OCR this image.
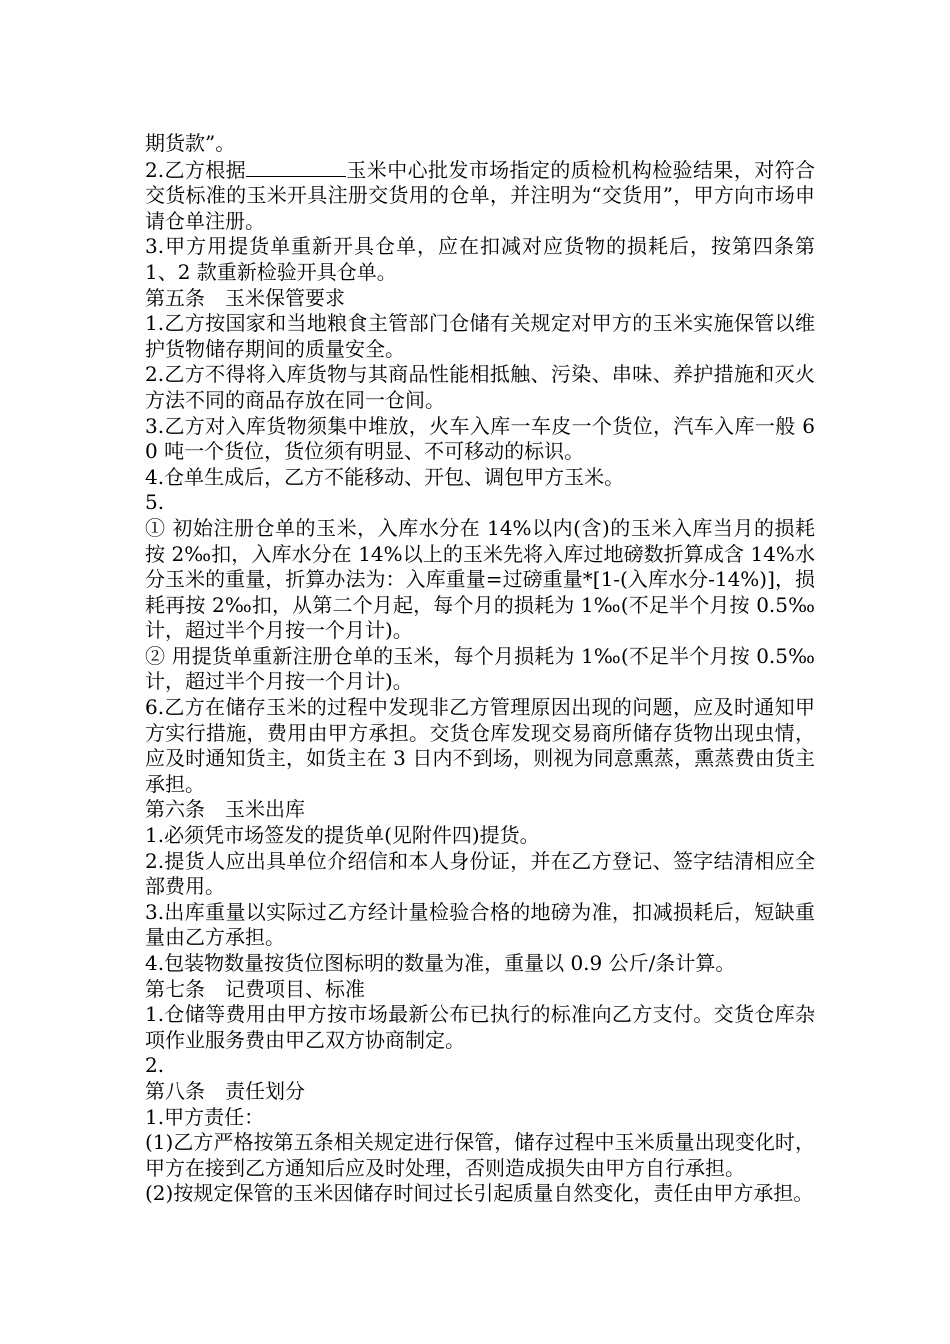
期货款”。

2.乙方根据	玉米中心批发市场指定的质检机构检验结果，对符合交货标准的玉米开具注册交货用的仓单，并注明为“交货用”，甲方向市场申请仓单注册。

3.甲方用提货单重新开具仓单，应在扣减对应货物的损耗后，按第四条第 1、2 款重新检验开具仓单。

第五条　玉米保管要求

1.乙方按国家和当地粮食主管部门仓储有关规定对甲方的玉米实施保管以维护货物储存期间的质量安全。

2.乙方不得将入库货物与其商品性能相抵触、污染、串味、养护措施和灭火方法不同的商品存放在同一仓间。

3.乙方对入库货物须集中堆放，火车入库一车皮一个货位，汽车入库一般 60 吨一个货位，货位须有明显、不可移动的标识。

4.仓单生成后，乙方不能移动、开包、调包甲方玉米。

5.

① 初始注册仓单的玉米，入库水分在 14%以内(含)的玉米入库当月的损耗按 2‰扣，入库水分在 14%以上的玉米先将入库过地磅数折算成含 14%水分玉米的重量，折算办法为：入库重量=过磅重量*[1-(入库水分-14%)]，损耗再按 2‰扣，从第二个月起，每个月的损耗为 1‰(不足半个月按 0.5‰计，超过半个月按一个月计)。

② 用提货单重新注册仓单的玉米，每个月损耗为 1‰(不足半个月按 0.5‰计，超过半个月按一个月计)。

6.乙方在储存玉米的过程中发现非乙方管理原因出现的问题，应及时通知甲方实行措施，费用由甲方承担。交货仓库发现交易商所储存货物出现虫情，应及时通知货主，如货主在 3 日内不到场，则视为同意熏蒸，熏蒸费由货主承担。

第六条　玉米出库

1.必须凭市场签发的提货单(见附件四)提货。

2.提货人应出具单位介绍信和本人身份证，并在乙方登记、签字结清相应全部费用。

3.出库重量以实际过乙方经计量检验合格的地磅为准，扣减损耗后，短缺重量由乙方承担。

4.包装物数量按货位图标明的数量为准，重量以 0.9 公斤/条计算。

第七条　记费项目、标准

1.仓储等费用由甲方按市场最新公布已执行的标准向乙方支付。交货仓库杂项作业服务费由甲乙双方协商制定。

2.

第八条　责任划分

1.甲方责任：

(1)乙方严格按第五条相关规定进行保管，储存过程中玉米质量出现变化时，甲方在接到乙方通知后应及时处理，否则造成损失由甲方自行承担。

(2)按规定保管的玉米因储存时间过长引起质量自然变化，责任由甲方承担。
